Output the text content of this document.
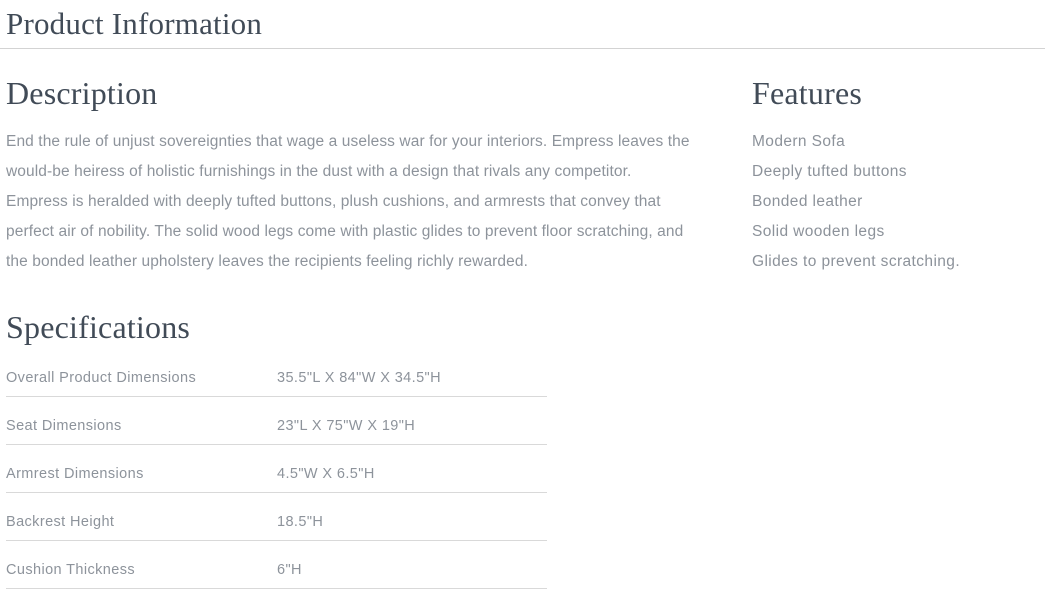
Product Information
Description

End the rule of unjust sovereignties that wage a useless war for your interiors. Empress leaves the would-be heiress of holistic furnishings in the dust with a design that rivals any competitor. Empress is heralded with deeply tufted buttons, plush cushions, and armrests that convey that perfect air of nobility. The solid wood legs come with plastic glides to prevent floor scratching, and the bonded leather upholstery leaves the recipients feeling richly rewarded.

Features
Modern Sofa
Deeply tufted buttons
Bonded leather
Solid wooden legs
Glides to prevent scratching.
Specifications
Overall Product Dimensions	35.5"L X 84"W X 34.5"H
Seat Dimensions	23"L X 75"W X 19"H
Armrest Dimensions	4.5"W X 6.5"H
Backrest Height	18.5"H
Cushion Thickness	6"H
